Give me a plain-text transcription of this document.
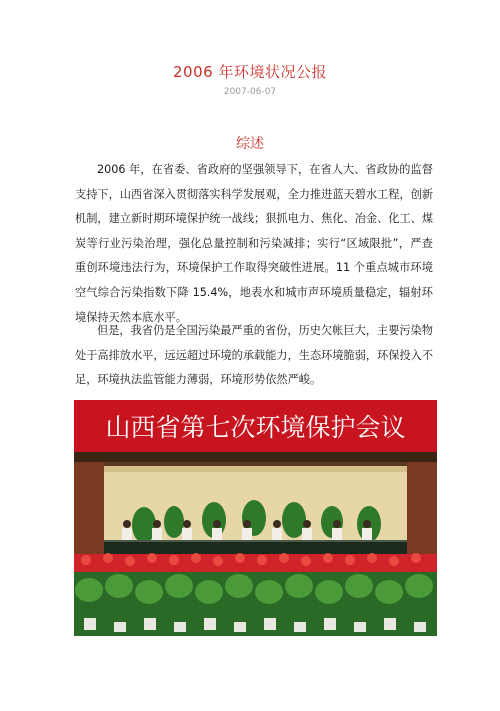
2006 年环境状况公报
2007-06-07
综述

2006 年，在省委、省政府的坚强领导下，在省人大、省政协的监督支持下，山西省深入贯彻落实科学发展观，全力推进蓝天碧水工程，创新机制，建立新时期环境保护统一战线；狠抓电力、焦化、冶金、化工、煤炭等行业污染治理，强化总量控制和污染减排；实行“区域限批”，严查重创环境违法行为，环境保护工作取得突破性进展。11 个重点城市环境空气综合污染指数下降 15.4%，地表水和城市声环境质量稳定，辐射环境保持天然本底水平。

但是，我省仍是全国污染最严重的省份，历史欠帐巨大，主要污染物处于高排放水平，远远超过环境的承载能力，生态环境脆弱，环保投入不足，环境执法监管能力薄弱，环境形势依然严峻。

山西省第七次环境保护会议
